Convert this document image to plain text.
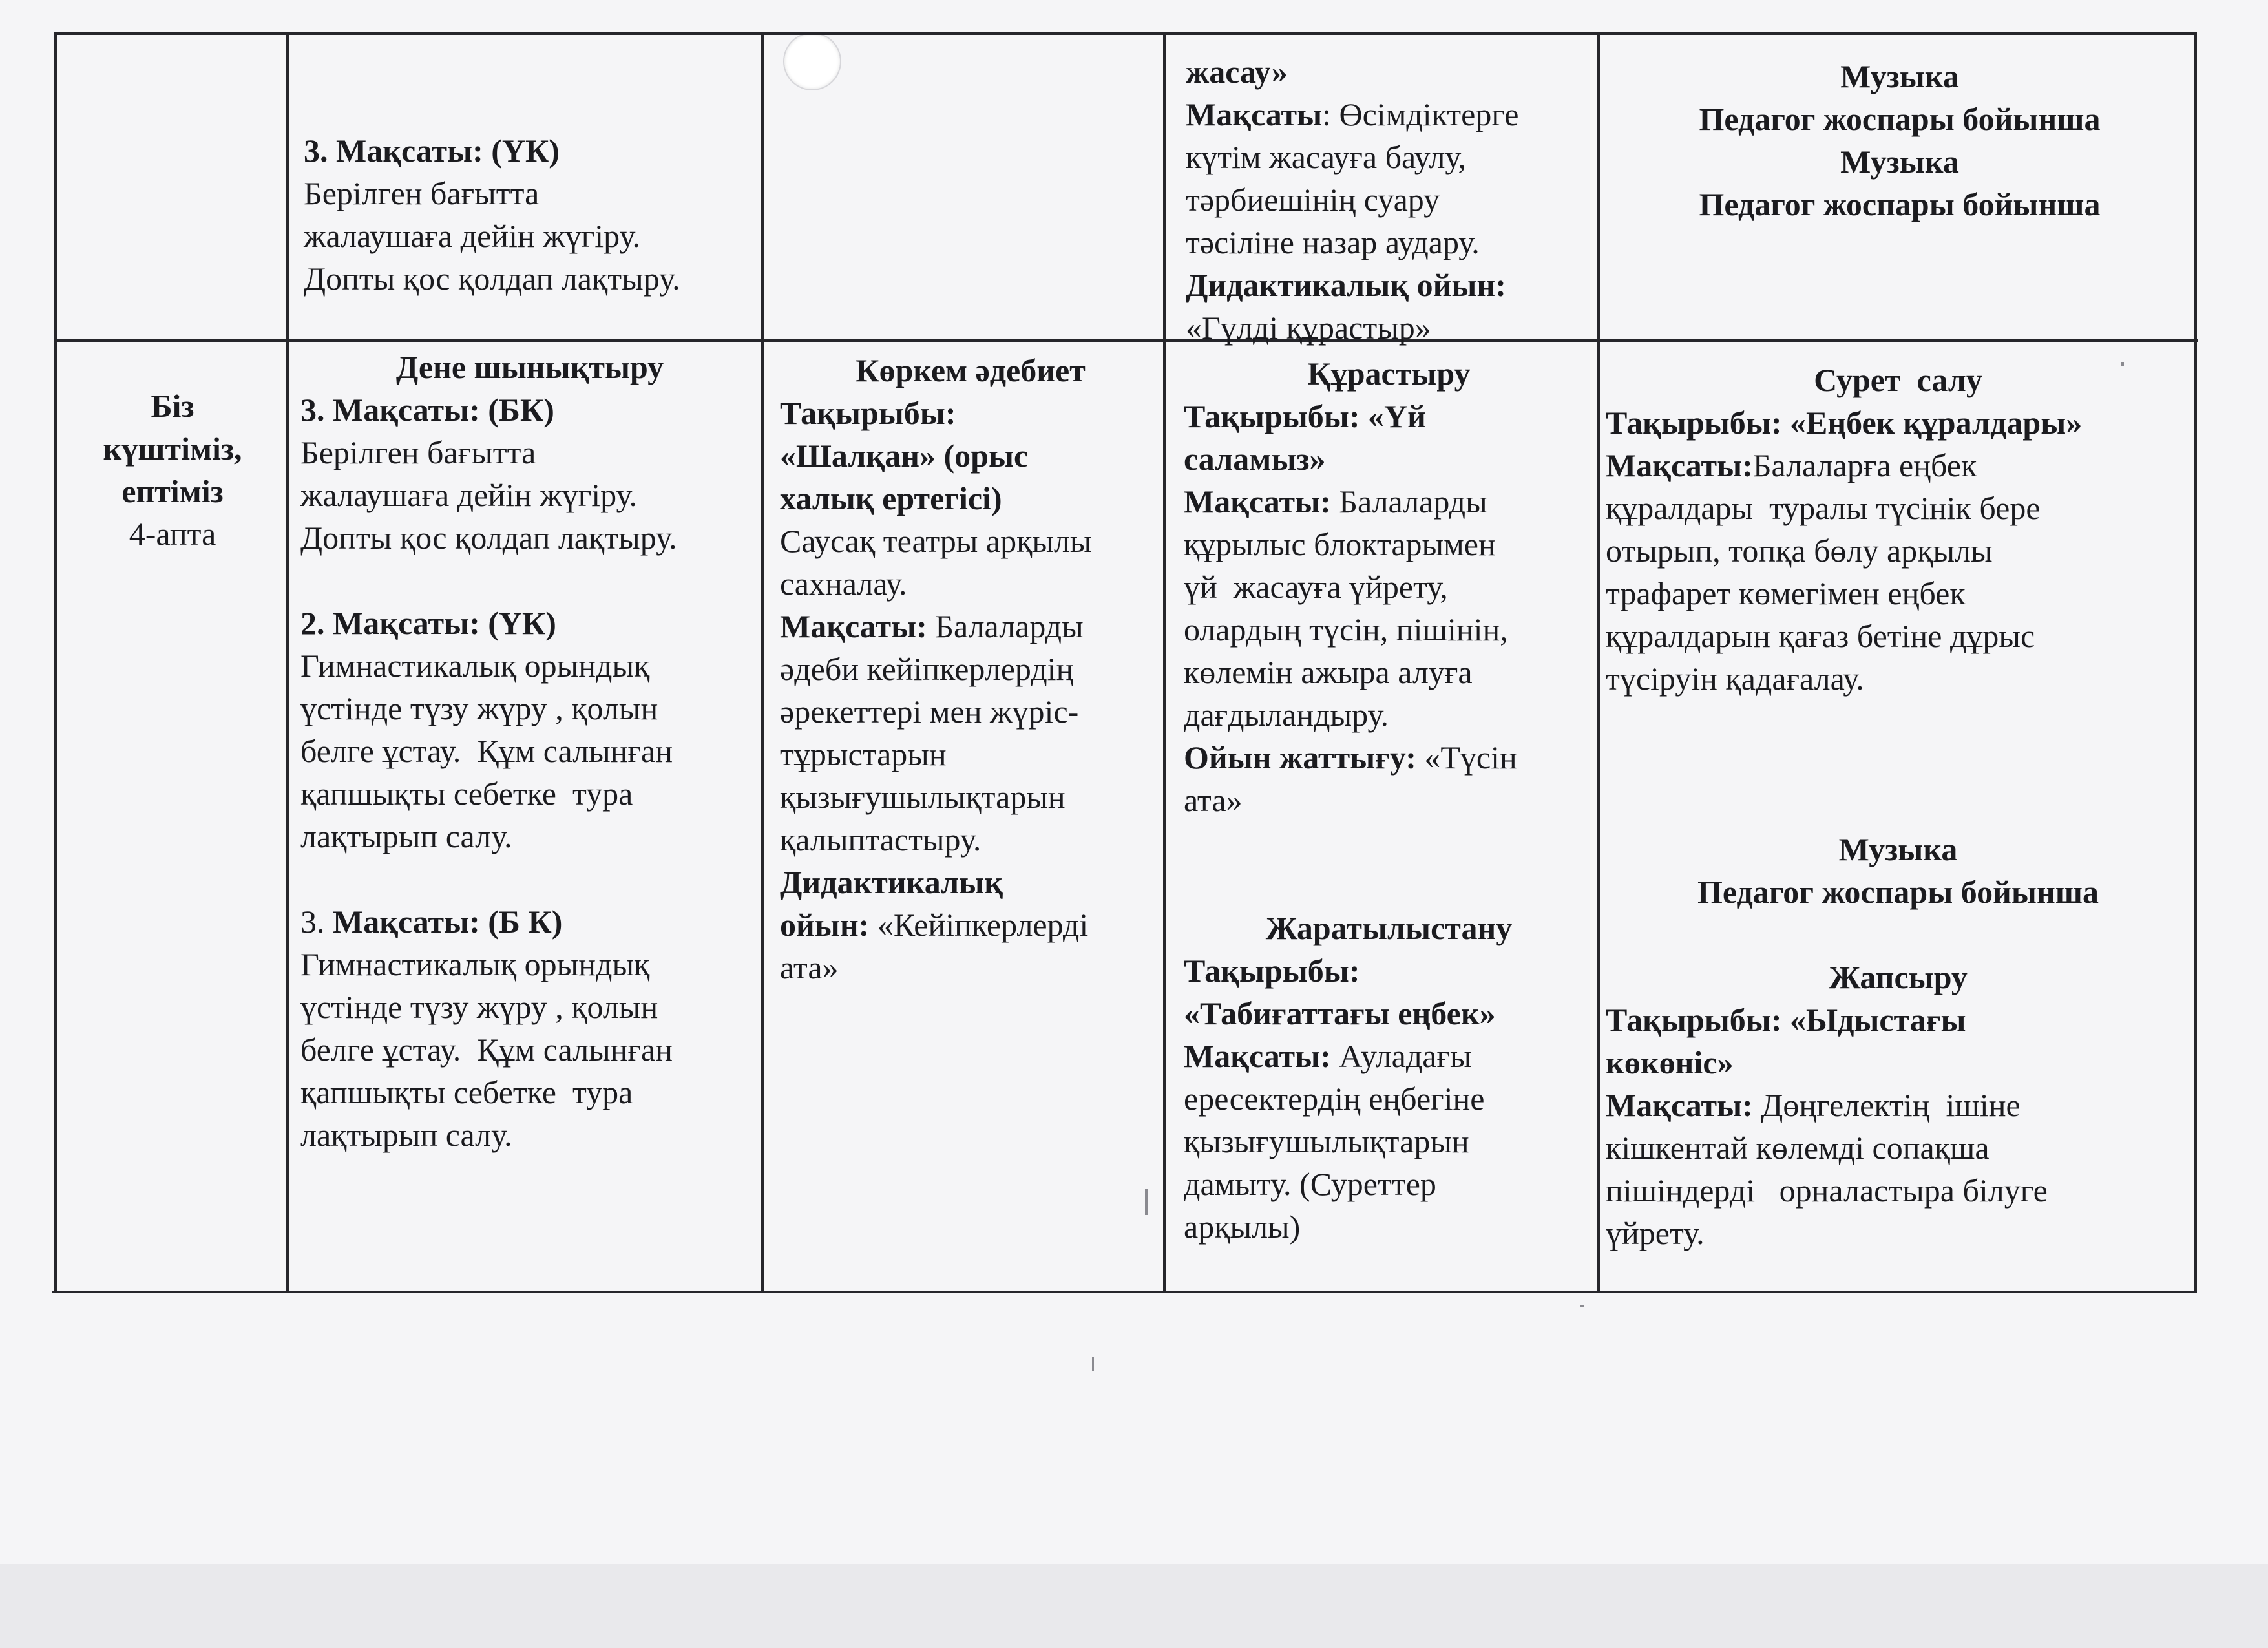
3. Мақсаты: (ҮК)

Берілген бағытта

жалаушаға дейін жүгіру.

Допты қос қолдап лақтыру.

жасау»

Мақсаты: Өсімдіктерге

күтім жасауға баулу,

тәрбиешінің суару

тәсіліне назар аудару.

Дидактикалық ойын:

«Гүлді құрастыр»

Музыка

Педагог жоспары бойынша

Музыка

Педагог жоспары бойынша

Біз

күштіміз,

ептіміз

4-апта

Дене шынықтыру

3. Мақсаты: (БК)

Берілген бағытта

жалаушаға дейін жүгіру.

Допты қос қолдап лақтыру.

2. Мақсаты: (ҮК)

Гимнастикалық орындық

үстінде түзу жүру , қолын

белге ұстау.  Құм салынған

қапшықты себетке  тура

лақтырып салу.

3. Мақсаты: (Б К)

Гимнастикалық орындық

үстінде түзу жүру , қолын

белге ұстау.  Құм салынған

қапшықты себетке  тура

лақтырып салу.

Көркем әдебиет

Тақырыбы:

«Шалқан» (орыс

халық ертегісі)

Саусақ театры арқылы

сахналау.

Мақсаты: Балаларды

әдеби кейіпкерлердің

әрекеттері мен жүріс-

тұрыстарын

қызығушылықтарын

қалыптастыру.

Дидактикалық

ойын: «Кейіпкерлерді

ата»

Құрастыру

Тақырыбы: «Үй

саламыз»

Мақсаты: Балаларды

құрылыс блоктарымен

үй  жасауға үйрету,

олардың түсін, пішінін,

көлемін ажыра алуға

дағдыландыру.

Ойын жаттығу: «Түсін

ата»

Жаратылыстану

Тақырыбы:

«Табиғаттағы еңбек»

Мақсаты: Ауладағы

ересектердің еңбегіне

қызығушылықтарын

дамыту. (Суреттер

арқылы)

Сурет  салу

Тақырыбы: «Еңбек құралдары»

Мақсаты:Балаларға еңбек

құралдары  туралы түсінік бере

отырып, топқа бөлу арқылы

трафарет көмегімен еңбек

құралдарын қағаз бетіне дұрыс

түсіруін қадағалау.

Музыка

Педагог жоспары бойынша

Жапсыру

Тақырыбы: «Ыдыстағы

көкөніс»

Мақсаты: Дөңгелектің  ішіне

кішкентай көлемді сопақша

пішіндерді   орналастыра білуге

үйрету.
